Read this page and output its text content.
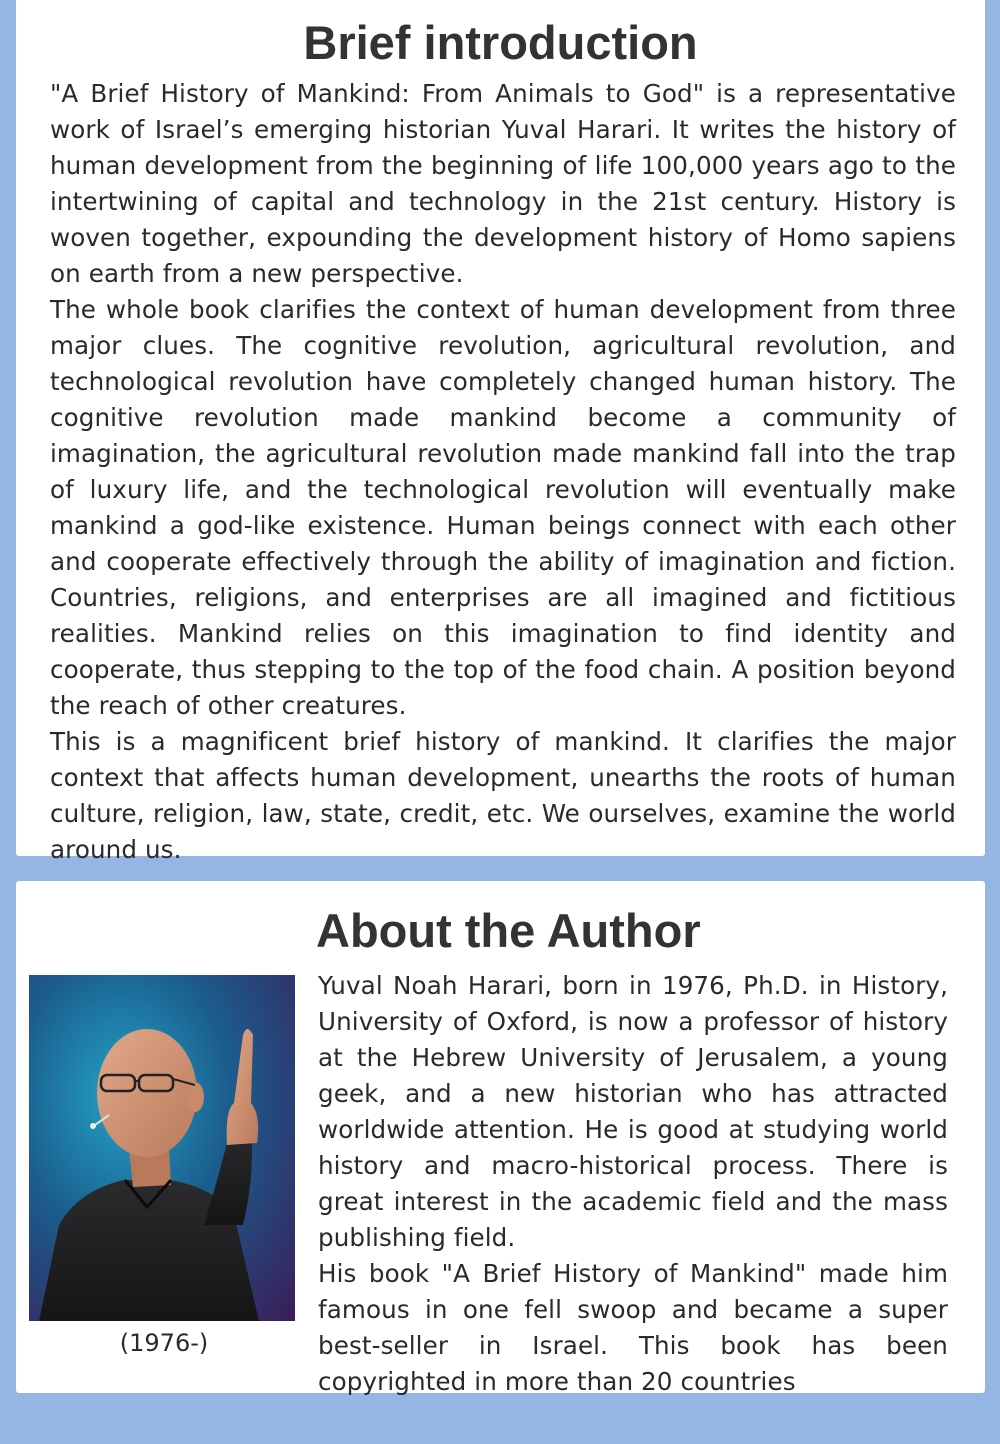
Brief introduction

"A Brief History of Mankind: From Animals to God" is a representative work of Israel’s emerging historian Yuval Harari. It writes the history of human development from the beginning of life 100,000 years ago to the intertwining of capital and technology in the 21st century. History is woven together, expounding the development history of Homo sapiens on earth from a new perspective.

The whole book clarifies the context of human development from three major clues. The cognitive revolution, agricultural revolution, and technological revolution have completely changed human history. The cognitive revolution made mankind become a community of imagination, the agricultural revolution made mankind fall into the trap of luxury life, and the technological revolution will eventually make mankind a god-like existence. Human beings connect with each other and cooperate effectively through the ability of imagination and fiction. Countries, religions, and enterprises are all imagined and fictitious realities. Mankind relies on this imagination to find identity and cooperate, thus stepping to the top of the food chain. A position beyond the reach of other creatures.

This is a magnificent brief history of mankind. It clarifies the major context that affects human development, unearths the roots of human culture, religion, law, state, credit, etc. We ourselves, examine the world around us.

About the Author
(1976-)

Yuval Noah Harari, born in 1976, Ph.D. in History, University of Oxford, is now a professor of history at the Hebrew University of Jerusalem, a young geek, and a new historian who has attracted worldwide attention. He is good at studying world history and macro-historical process. There is great interest in the academic field and the mass publishing field.

His book "A Brief History of Mankind" made him famous in one fell swoop and became a super best-seller in Israel. This book has been copyrighted in more than 20 countries
